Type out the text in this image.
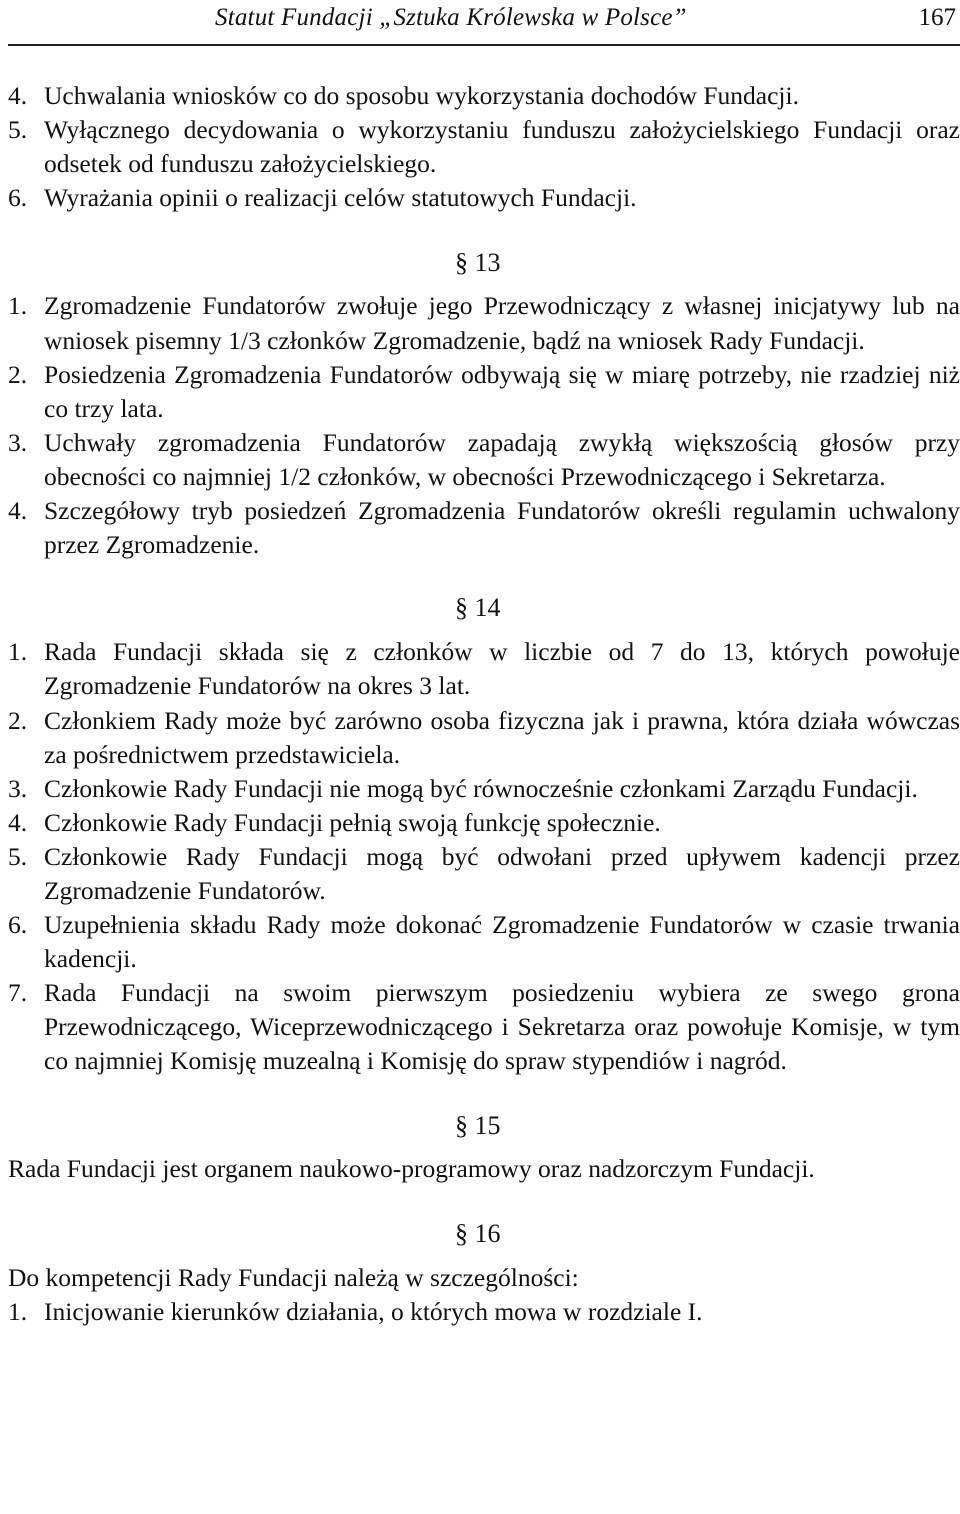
Statut Fundacji „Sztuka Królewska w Polsce”	167
4. Uchwalania wniosków co do sposobu wykorzystania dochodów Fundacji.
5. Wyłącznego decydowania o wykorzystaniu funduszu założycielskiego Fundacji oraz odsetek od funduszu założycielskiego.
6. Wyrażania opinii o realizacji celów statutowych Fundacji.
§ 13
1. Zgromadzenie Fundatorów zwołuje jego Przewodniczący z własnej inicjatywy lub na wniosek pisemny 1/3 członków Zgromadzenie, bądź na wniosek Rady Fundacji.
2. Posiedzenia Zgromadzenia Fundatorów odbywają się w miarę potrzeby, nie rzadziej niż co trzy lata.
3. Uchwały zgromadzenia Fundatorów zapadają zwykłą większością głosów przy obecności co najmniej 1/2 członków, w obecności Przewodniczącego i Sekretarza.
4. Szczegółowy tryb posiedzeń Zgromadzenia Fundatorów określi regulamin uchwalony przez Zgromadzenie.
§ 14
1. Rada Fundacji składa się z członków w liczbie od 7 do 13, których powołuje Zgromadzenie Fundatorów na okres 3 lat.
2. Członkiem Rady może być zarówno osoba fizyczna jak i prawna, która działa wówczas za pośrednictwem przedstawiciela.
3. Członkowie Rady Fundacji nie mogą być równocześnie członkami Zarządu Fundacji.
4. Członkowie Rady Fundacji pełnią swoją funkcję społecznie.
5. Członkowie Rady Fundacji mogą być odwołani przed upływem kadencji przez Zgromadzenie Fundatorów.
6. Uzupełnienia składu Rady może dokonać Zgromadzenie Fundatorów w czasie trwania kadencji.
7. Rada Fundacji na swoim pierwszym posiedzeniu wybiera ze swego grona Przewodniczącego, Wiceprzewodniczącego i Sekretarza oraz powołuje Komisje, w tym co najmniej Komisję muzealną i Komisję do spraw stypendiów i nagród.
§ 15

Rada Fundacji jest organem naukowo-programowy oraz nadzorczym Fundacji.

§ 16

Do kompetencji Rady Fundacji należą w szczególności:

1. Inicjowanie kierunków działania, o których mowa w rozdziale I.
